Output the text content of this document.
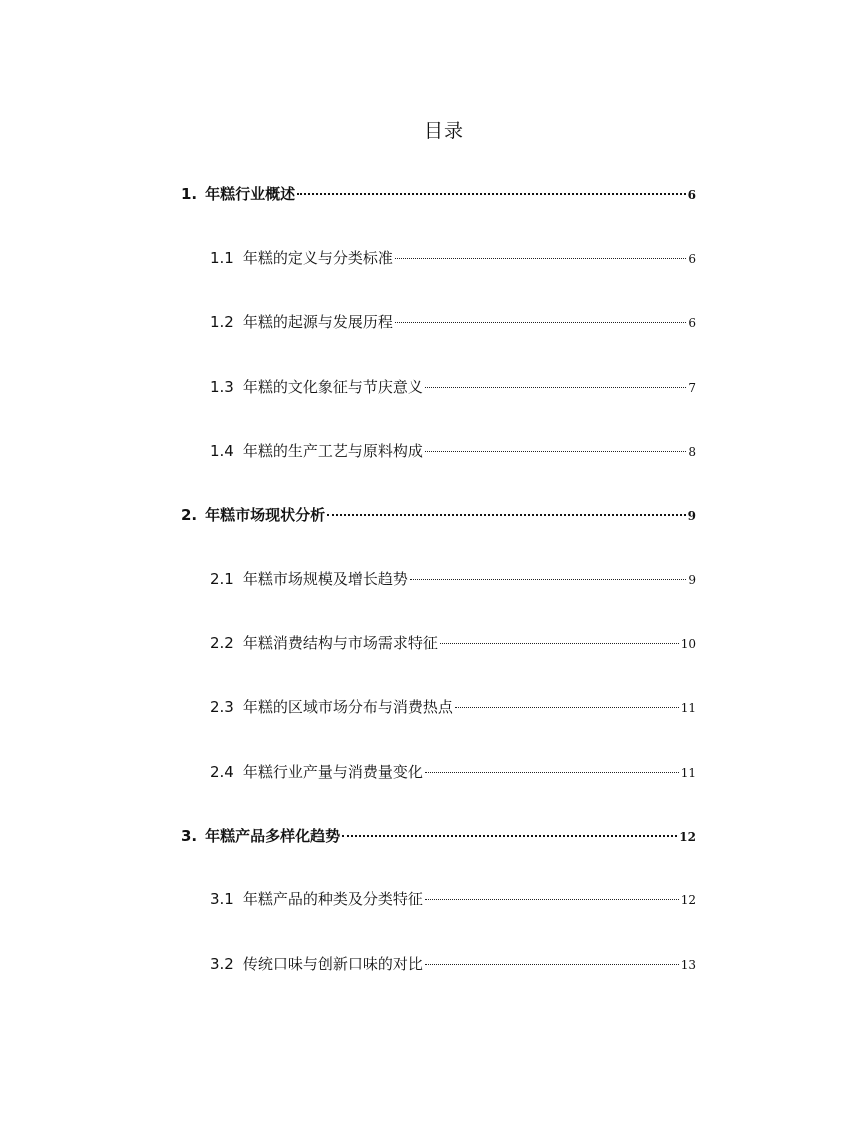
目录
1. 年糕行业概述	6
1.1 年糕的定义与分类标准	6
1.2 年糕的起源与发展历程	6
1.3 年糕的文化象征与节庆意义	7
1.4 年糕的生产工艺与原料构成	8
2. 年糕市场现状分析	9
2.1 年糕市场规模及增长趋势	9
2.2 年糕消费结构与市场需求特征	10
2.3 年糕的区域市场分布与消费热点	11
2.4 年糕行业产量与消费量变化	11
3. 年糕产品多样化趋势	12
3.1 年糕产品的种类及分类特征	12
3.2 传统口味与创新口味的对比	13
